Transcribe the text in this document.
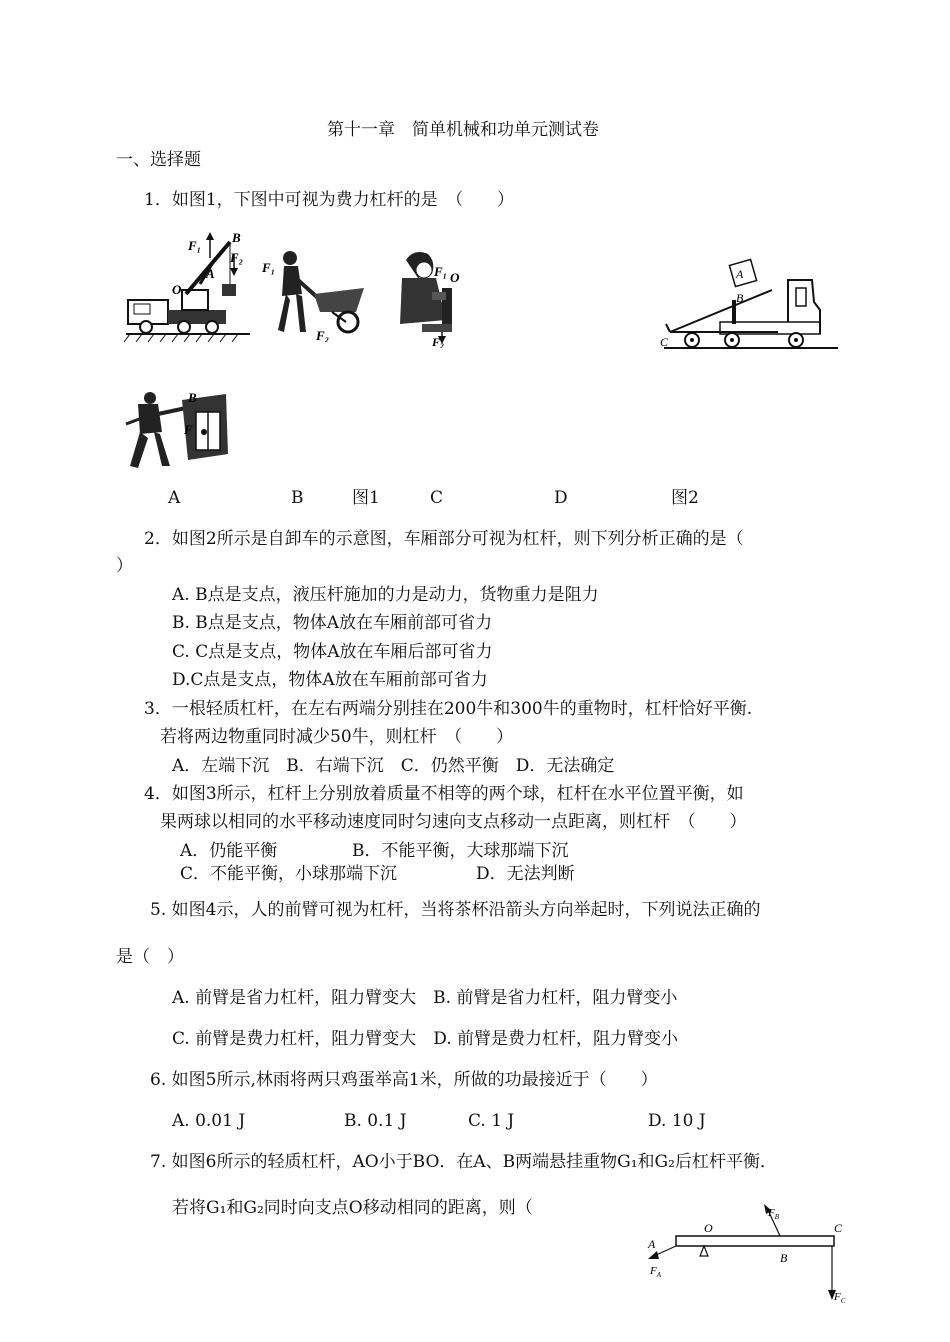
第十一章　简单机械和功单元测试卷
一、选择题
1．如图1，下图中可视为费力杠杆的是　（　　）
F₁
B
F₂
A
O
F₁
F₂
F₁ O
F₂
A
B
C
B
F
A	B	图1	C	D	图2
2．如图2所示是自卸车的示意图，车厢部分可视为杠杆，则下列分析正确的是（
）
A. B点是支点，液压杆施加的力是动力，货物重力是阻力
B. B点是支点，物体A放在车厢前部可省力
C. C点是支点，物体A放在车厢后部可省力
D.C点是支点，物体A放在车厢前部可省力
3．一根轻质杠杆，在左右两端分别挂在200牛和300牛的重物时，杠杆恰好平衡.
若将两边物重同时减少50牛，则杠杆　（　　）
A．左端下沉　B．右端下沉　C．仍然平衡　D．无法确定
4．如图3所示，杠杆上分别放着质量不相等的两个球，杠杆在水平位置平衡，如
果两球以相同的水平移动速度同时匀速向支点移动一点距离，则杠杆　（　　）
A．仍能平衡	B．不能平衡，大球那端下沉
C．不能平衡，小球那端下沉	D．无法判断
5. 如图4示，人的前臂可视为杠杆，当将茶杯沿箭头方向举起时，下列说法正确的
是（　）
A. 前臂是省力杠杆，阻力臂变大　B. 前臂是省力杠杆，阻力臂变小
C. 前臂是费力杠杆，阻力臂变大　D. 前臂是费力杠杆，阻力臂变小
6. 如图5所示,林雨将两只鸡蛋举高1米，所做的功最接近于（　　）
A. 0.01 J	B. 0.1 J	C. 1 J	D. 10 J
7. 如图6所示的轻质杠杆，AO小于BO．在A、B两端悬挂重物G₁和G₂后杠杆平衡．
若将G₁和G₂同时向支点O移动相同的距离，则（
A
O
B
C
$F_B$
$F_A$
$F_C$
